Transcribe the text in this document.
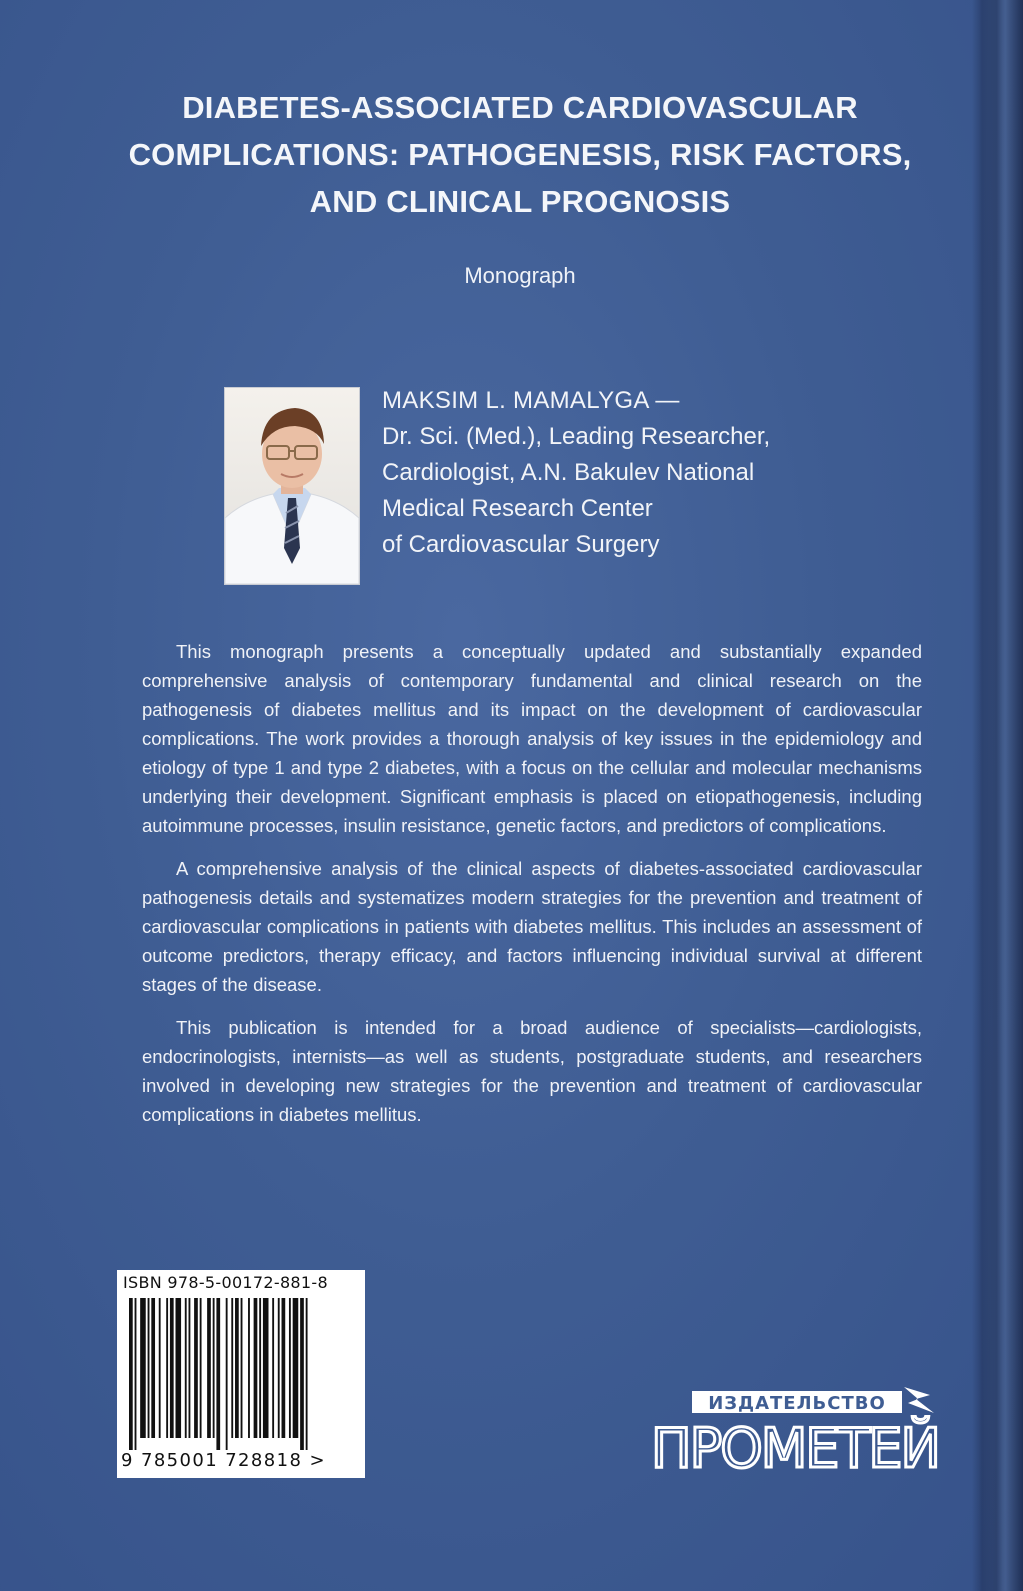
DIABETES-ASSOCIATED CARDIOVASCULAR
COMPLICATIONS: PATHOGENESIS, RISK FACTORS,
AND CLINICAL PROGNOSIS
Monograph
MAKSIM L. MAMALYGA —
Dr. Sci. (Med.), Leading Researcher,
Cardiologist, A.N. Bakulev National
Medical Research Center
of Cardiovascular Surgery

This monograph presents a conceptually updated and substantially expanded comprehensive analysis of contemporary fundamental and clinical research on the pathogenesis of diabetes mellitus and its impact on the development of cardiovascular complications. The work provides a thorough analysis of key issues in the epidemiology and etiology of type 1 and type 2 diabetes, with a focus on the cellular and molecular mechanisms underlying their development. Significant emphasis is placed on etiopathogenesis, including autoimmune processes, insulin resistance, genetic factors, and predictors of complications.

A comprehensive analysis of the clinical aspects of diabetes-associated cardiovascular pathogenesis details and systematizes modern strategies for the prevention and treatment of cardiovascular complications in patients with diabetes mellitus. This includes an assessment of outcome predictors, therapy efficacy, and factors influencing individual survival at different stages of the disease.

This publication is intended for a broad audience of specialists—cardiologists, endocrinologists, internists—as well as students, postgraduate students, and researchers involved in developing new strategies for the prevention and treatment of cardiovascular complications in diabetes mellitus.

ISBN 978-5-00172-881-8
9 785001 728818 >
ИЗДАТЕЛЬСТВО
ПРОМЕТЕЙ
